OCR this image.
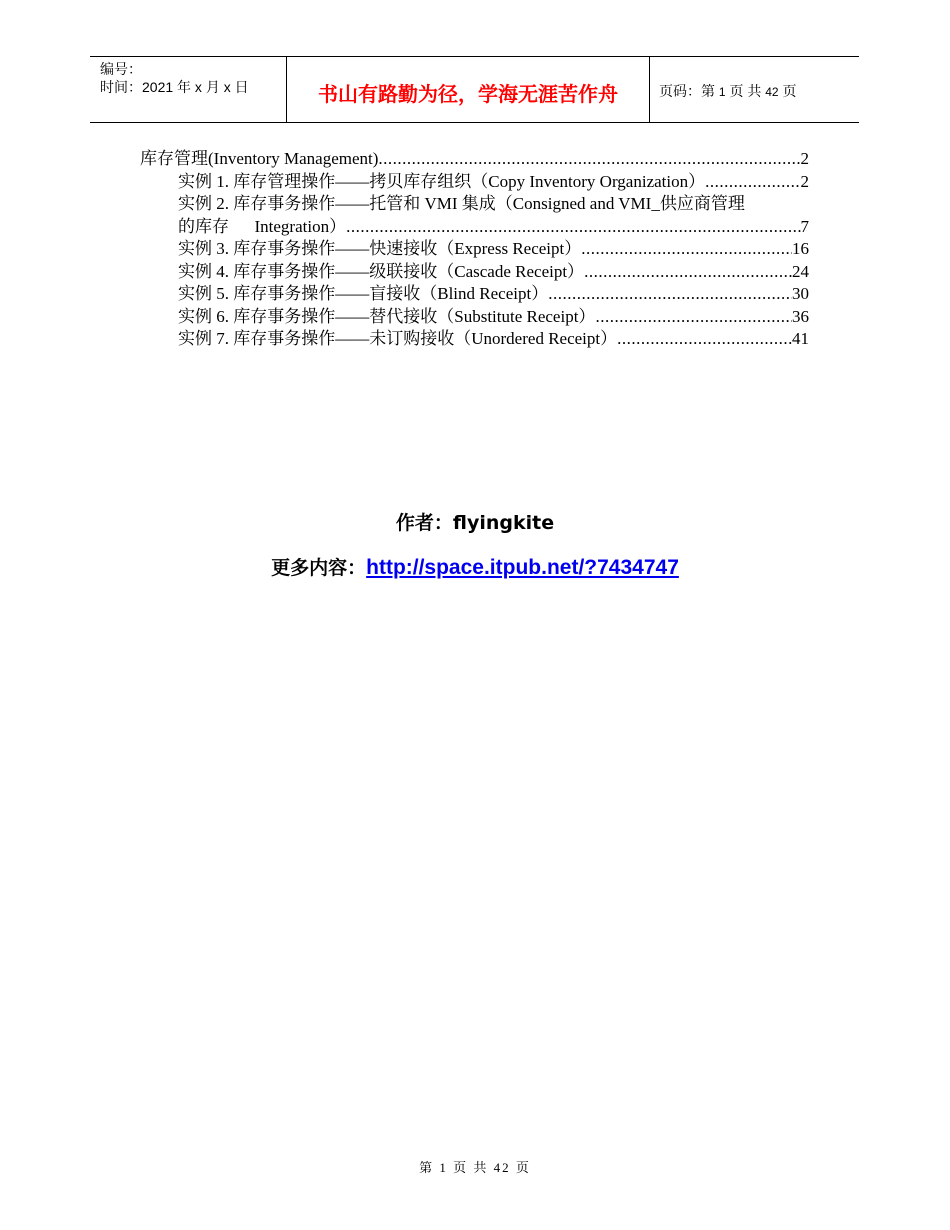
编号：
时间：2021 年 x 月 x 日	书山有路勤为径，学海无涯苦作舟	页码：第 1 页 共 42 页
库存管理(Inventory Management) .....	2
实例 1. 库存管理操作——拷贝库存组织（Copy Inventory Organization） .....	2
实例 2. 库存事务操作——托管和 VMI 集成（Consigned and VMI_供应商管理
的库存      Integration） .....	7
实例 3. 库存事务操作——快速接收（Express Receipt） .....	16
实例 4. 库存事务操作——级联接收（Cascade Receipt） .....	24
实例 5. 库存事务操作——盲接收（Blind Receipt） .....	30
实例 6. 库存事务操作——替代接收（Substitute Receipt） .....	36
实例 7. 库存事务操作——未订购接收（Unordered Receipt） .....	41
作者：flyingkite
更多内容：http://space.itpub.net/?7434747
第 1 页 共 42 页
